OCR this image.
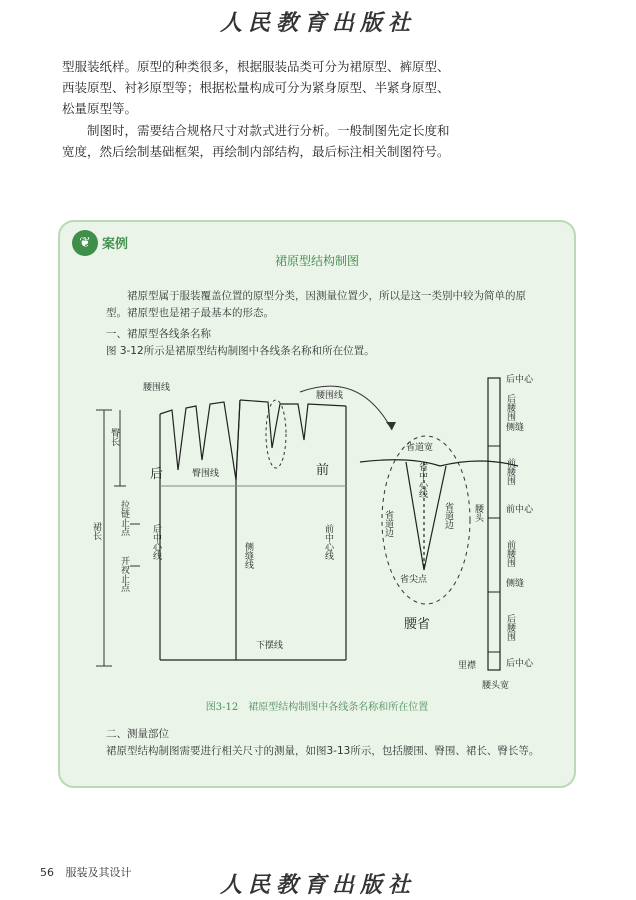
人民教育出版社

型服装纸样。原型的种类很多，根据服装品类可分为裙原型、裤原型、西装原型、衬衫原型等；根据松量构成可分为紧身原型、半紧身原型、松量原型等。

制图时，需要结合规格尺寸对款式进行分析。一般制图先定长度和宽度，然后绘制基础框架，再绘制内部结构，最后标注相关制图符号。

❦ 案例
裙原型结构制图

裙原型属于服装覆盖位置的原型分类，因测量位置少，所以是这一类别中较为简单的原型。裙原型也是裙子最基本的形态。

一、裙原型各线条名称

图 3-12所示是裙原型结构制图中各线条名称和所在位置。

腰围线
腰围线
后	前
臀围线
下摆线
省道宽
省尖点
腰省
后中心
侧缝
前中心
侧缝
后中心
里襟
腰头宽
臀长
裙长 拉链止点
开衩止点
后中心线	侧缝线	前中心线
省中心线
省道边	省道边
后腰围
前腰围
前腰围
后腰围
腰头
图3-12　裙原型结构制图中各线条名称和所在位置

二、测量部位

裙原型结构制图需要进行相关尺寸的测量，如图3-13所示，包括腰围、臀围、裙长、臀长等。

56 服装及其设计	人民教育出版社
